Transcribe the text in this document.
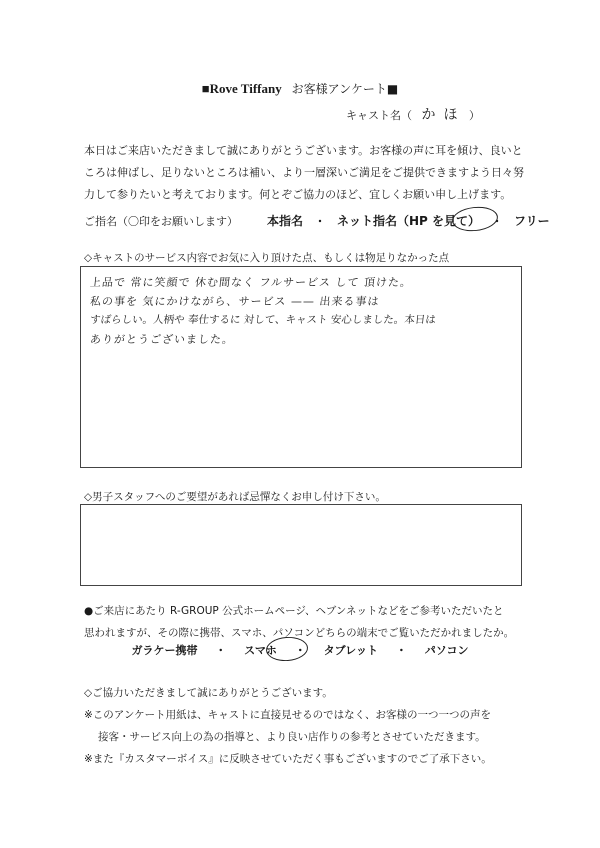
■Rove Tiffany お客様アンケート■
キャスト名（ かほ ）
本日はご来店いただきまして誠にありがとうございます。お客様の声に耳を傾け、良いと
ころは伸ばし、足りないところは補い、より一層深いご満足をご提供できますよう日々努
力して参りたいと考えております。何とぞご協力のほど、宜しくお願い申し上げます。
ご指名（〇印をお願いします） 本指名 ・ ネット指名（HP を見て） ・ フリー
◇キャストのサービス内容でお気に入り頂けた点、もしくは物足りなかった点
上品で 常に笑顔で 休む間なく フルサービス して 頂けた。
私の事を 気にかけながら、サービス —— 出来る事は
すばらしい。人柄や 奉仕するに 対して、キャスト 安心しました。本日は
ありがとうございました。
◇男子スタッフへのご要望があれば忌憚なくお申し付け下さい。
●ご来店にあたり R-GROUP 公式ホームページ、ヘブンネットなどをご参考いただいたと
思われますが、その際に携帯、スマホ、パソコンどちらの端末でご覧いただかれましたか。
ガラケー携帯 ・ スマホ ・ タブレット ・ パソコン
◇ご協力いただきまして誠にありがとうございます。
※このアンケート用紙は、キャストに直接見せるのではなく、お客様の一つ一つの声を
接客・サービス向上の為の指導と、より良い店作りの参考とさせていただきます。
※また『カスタマーボイス』に反映させていただく事もございますのでご了承下さい。
